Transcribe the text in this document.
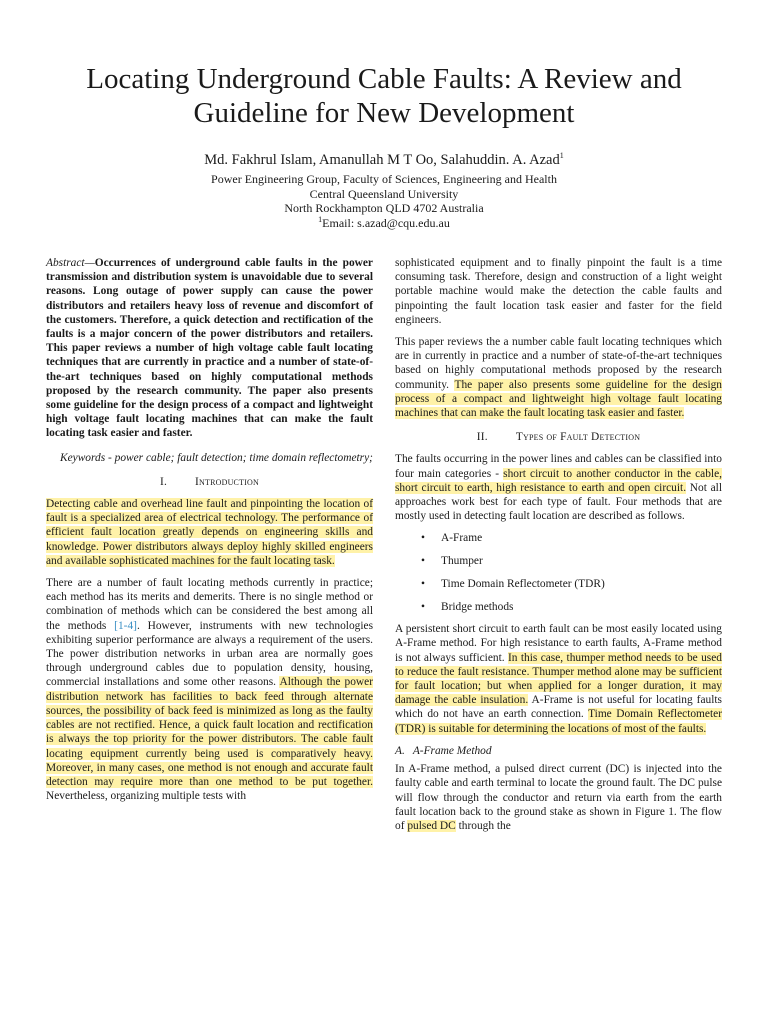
Locating Underground Cable Faults: A Review and Guideline for New Development
Md. Fakhrul Islam, Amanullah M T Oo, Salahuddin. A. Azad$^1$
Power Engineering Group, Faculty of Sciences, Engineering and Health
Central Queensland University
North Rockhampton QLD 4702 Australia
$^1$Email: s.azad@cqu.edu.au

Abstract—Occurrences of underground cable faults in the power transmission and distribution system is unavoidable due to several reasons. Long outage of power supply can cause the power distributors and retailers heavy loss of revenue and discomfort of the customers. Therefore, a quick detection and rectification of the faults is a major concern of the power distributors and retailers. This paper reviews a number of high voltage cable fault locating techniques that are currently in practice and a number of state-of-the-art techniques based on highly computational methods proposed by the research community. The paper also presents some guideline for the design process of a compact and lightweight high voltage fault locating machines that can make the fault locating task easier and faster.

Keywords - power cable; fault detection; time domain reflectometry;

I. Introduction

Detecting cable and overhead line fault and pinpointing the location of fault is a specialized area of electrical technology. The performance of efficient fault location greatly depends on engineering skills and knowledge. Power distributors always deploy highly skilled engineers and available sophisticated machines for the fault locating task.

There are a number of fault locating methods currently in practice; each method has its merits and demerits. There is no single method or combination of methods which can be considered the best among all the methods [1-4]. However, instruments with new technologies exhibiting superior performance are always a requirement of the users. The power distribution networks in urban area are normally goes through underground cables due to population density, housing, commercial installations and some other reasons. Although the power distribution network has facilities to back feed through alternate sources, the possibility of back feed is minimized as long as the faulty cables are not rectified. Hence, a quick fault location and rectification is always the top priority for the power distributors. The cable fault locating equipment currently being used is comparatively heavy. Moreover, in many cases, one method is not enough and accurate fault detection may require more than one method to be put together. Nevertheless, organizing multiple tests with

sophisticated equipment and to finally pinpoint the fault is a time consuming task. Therefore, design and construction of a light weight portable machine would make the detection the cable faults and pinpointing the fault location task easier and faster for the field engineers.

This paper reviews the a number cable fault locating techniques which are in currently in practice and a number of state-of-the-art techniques based on highly computational methods proposed by the research community. The paper also presents some guideline for the design process of a compact and lightweight high voltage fault locating machines that can make the fault locating task easier and faster.

II. Types of Fault Detection

The faults occurring in the power lines and cables can be classified into four main categories - short circuit to another conductor in the cable, short circuit to earth, high resistance to earth and open circuit. Not all approaches work best for each type of fault. Four methods that are mostly used in detecting fault location are described as follows.

• A-Frame
• Thumper
• Time Domain Reflectometer (TDR)
• Bridge methods

A persistent short circuit to earth fault can be most easily located using A-Frame method. For high resistance to earth faults, A-Frame method is not always sufficient. In this case, thumper method needs to be used to reduce the fault resistance. Thumper method alone may be sufficient for fault location; but when applied for a longer duration, it may damage the cable insulation. A-Frame is not useful for locating faults which do not have an earth connection. Time Domain Reflectometer (TDR) is suitable for determining the locations of most of the faults.

A. A-Frame Method

In A-Frame method, a pulsed direct current (DC) is injected into the faulty cable and earth terminal to locate the ground fault. The DC pulse will flow through the conductor and return via earth from the earth fault location back to the ground stake as shown in Figure 1. The flow of pulsed DC through the
